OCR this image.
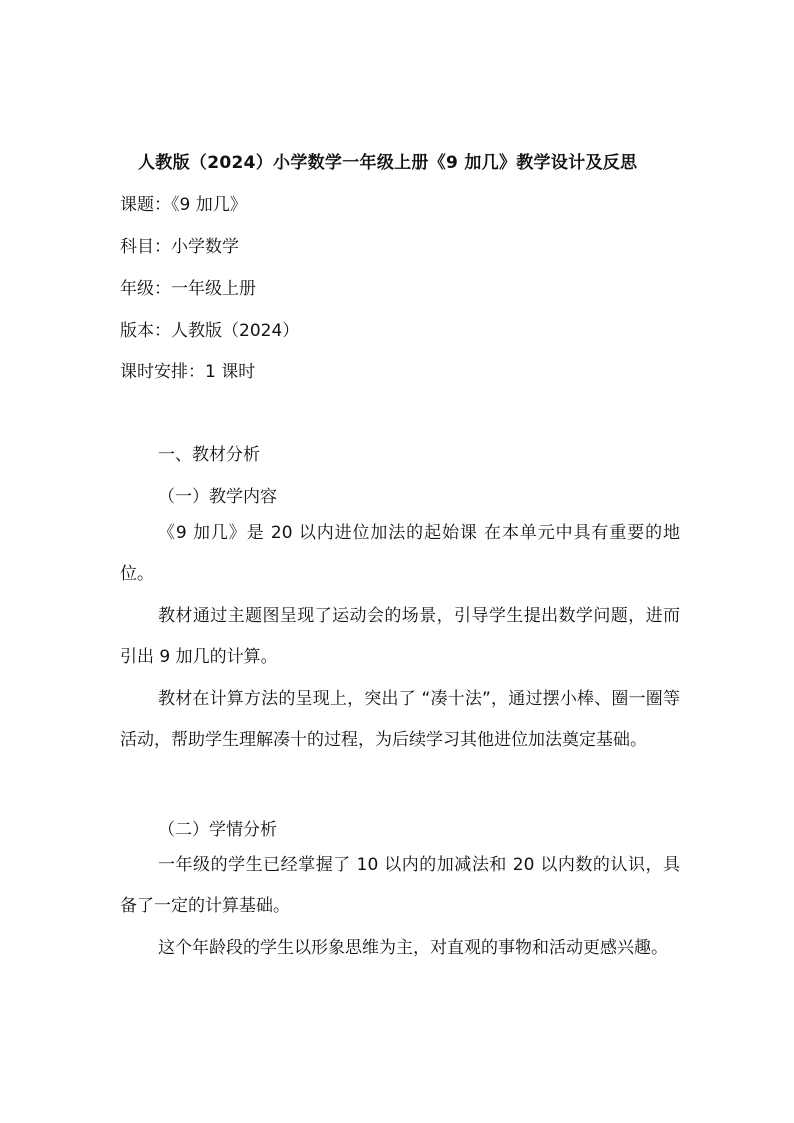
人教版（2024）小学数学一年级上册《9 加几》教学设计及反思
课题：《9 加几》
科目：小学数学
年级：一年级上册
版本：人教版（2024）
课时安排：1 课时
一、教材分析
（一）教学内容
《9 加几》是 20 以内进位加法的起始课 在本单元中具有重要的地位。
教材通过主题图呈现了运动会的场景，引导学生提出数学问题，进而引出 9 加几的计算。
教材在计算方法的呈现上，突出了 “凑十法”，通过摆小棒、圈一圈等活动，帮助学生理解凑十的过程，为后续学习其他进位加法奠定基础。
（二）学情分析
一年级的学生已经掌握了 10 以内的加减法和 20 以内数的认识，具备了一定的计算基础。
这个年龄段的学生以形象思维为主，对直观的事物和活动更感兴趣。
